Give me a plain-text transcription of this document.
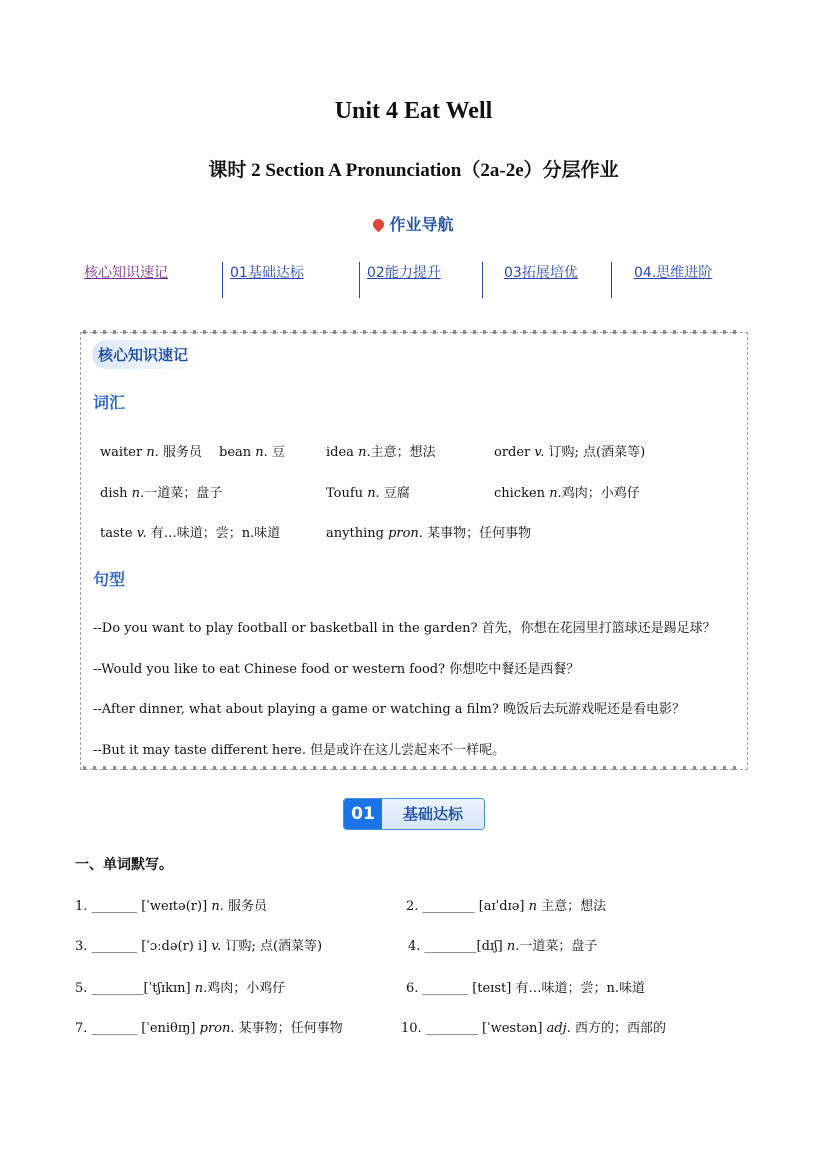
Unit 4 Eat Well
课时 2 Section A Pronunciation（2a-2e）分层作业
作业导航
核心知识速记	01基础达标	02能力提升	03拓展培优	04.思维进阶
核心知识速记
词汇
waiter n. 服务员 bean n. 豆	idea n.主意；想法	order v. 订购; 点(酒菜等)
dish n.一道菜；盘子	Toufu n. 豆腐	chicken n.鸡肉；小鸡仔
taste v. 有…味道；尝；n.味道	anything pron. 某事物；任何事物
句型
--Do you want to play football or basketball in the garden? 首先，你想在花园里打篮球还是踢足球？
--Would you like to eat Chinese food or western food? 你想吃中餐还是西餐？
--After dinner, what about playing a game or watching a film? 晚饭后去玩游戏呢还是看电影？
--But it may taste different here. 但是或许在这儿尝起来不一样呢。
01	基础达标
一、单词默写。
1. _______ [ˈweɪtə(r)] n. 服务员	2. ________ [aɪˈdɪə] n 主意；想法
3. _______ [ˈɔːdə(r) i] v. 订购; 点(酒菜等)	4. ________[dɪʃ] n.一道菜；盘子
5. ________[ˈtʃɪkɪn] n.鸡肉；小鸡仔	6. _______ [teɪst] 有…味道；尝；n.味道
7. _______ [ˈeniθɪŋ] pron. 某事物；任何事物	10. ________ [ˈwestən] adj. 西方的；西部的
